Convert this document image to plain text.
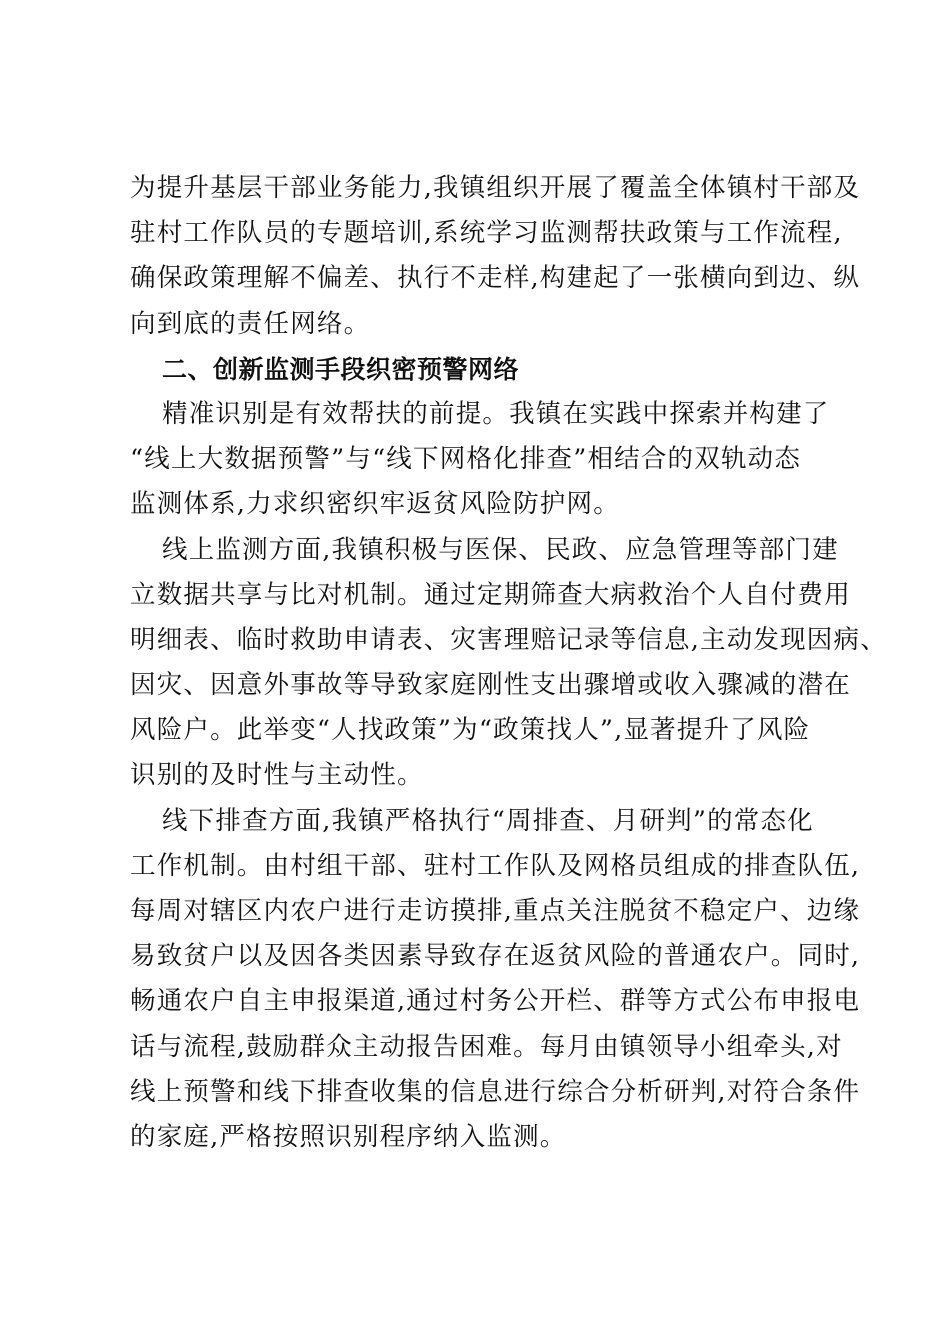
为提升基层干部业务能力,我镇组织开展了覆盖全体镇村干部及
驻村工作队员的专题培训,系统学习监测帮扶政策与工作流程,
确保政策理解不偏差、执行不走样,构建起了一张横向到边、纵
向到底的责任网络。
二、创新监测手段织密预警网络
精准识别是有效帮扶的前提。我镇在实践中探索并构建了
“线上大数据预警”与“线下网格化排查”相结合的双轨动态
监测体系,力求织密织牢返贫风险防护网。
线上监测方面,我镇积极与医保、民政、应急管理等部门建
立数据共享与比对机制。通过定期筛查大病救治个人自付费用
明细表、临时救助申请表、灾害理赔记录等信息,主动发现因病、
因灾、因意外事故等导致家庭刚性支出骤增或收入骤减的潜在
风险户。此举变“人找政策”为“政策找人”,显著提升了风险
识别的及时性与主动性。
线下排查方面,我镇严格执行“周排查、月研判”的常态化
工作机制。由村组干部、驻村工作队及网格员组成的排查队伍,
每周对辖区内农户进行走访摸排,重点关注脱贫不稳定户、边缘
易致贫户以及因各类因素导致存在返贫风险的普通农户。同时,
畅通农户自主申报渠道,通过村务公开栏、群等方式公布申报电
话与流程,鼓励群众主动报告困难。每月由镇领导小组牵头,对
线上预警和线下排查收集的信息进行综合分析研判,对符合条件
的家庭,严格按照识别程序纳入监测。
